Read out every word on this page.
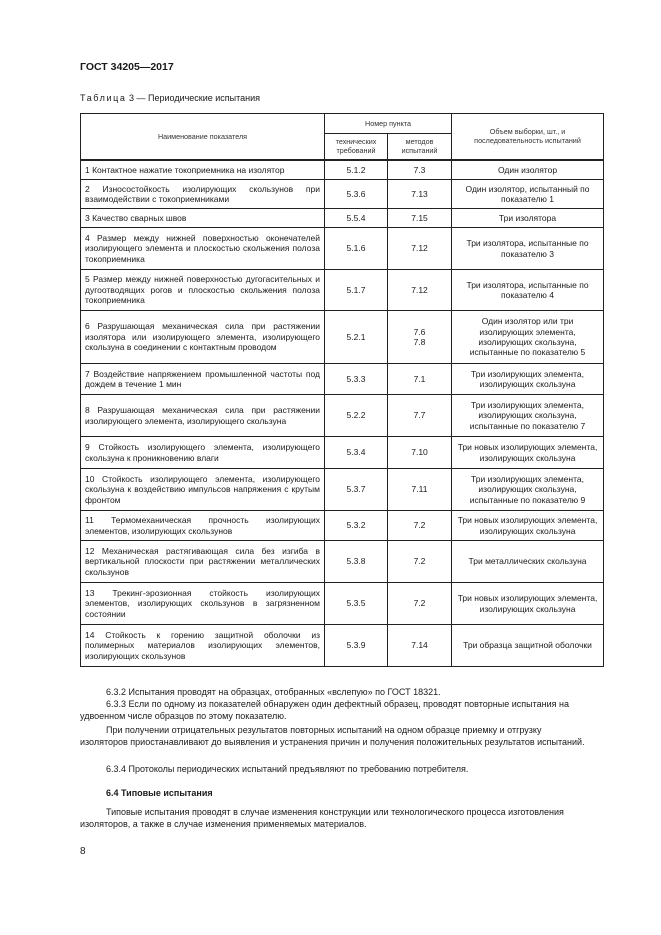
ГОСТ 34205—2017
Таблица 3 — Периодические испытания
Наименование показателя	Номер пункта		Объем выборки, шт., и последовательность испытаний
	технических требований	методов испытаний	
1 Контактное нажатие токоприемника на изолятор	5.1.2	7.3	Один изолятор
2 Износостойкость изолирующих скользунов при взаимодействии с токоприемниками	5.3.6	7.13	Один изолятор, испытанный по показателю 1
3 Качество сварных швов	5.5.4	7.15	Три изолятора
4 Размер между нижней поверхностью оконечателей изолирующего элемента и плоскостью скольжения полоза токоприемника	5.1.6	7.12	Три изолятора, испытанные по показателю 3
5 Размер между нижней поверхностью дугогасительных и дугоотводящих рогов и плоскостью скольжения полоза токоприемника	5.1.7	7.12	Три изолятора, испытанные по показателю 4
6 Разрушающая механическая сила при растяжении изолятора или изолирующего элемента, изолирующего скользуна в соединении с контактным проводом	5.2.1	7.6 7.8	Один изолятор или три изолирующих элемента, изолирующих скользуна, испытанные по показателю 5
7 Воздействие напряжением промышленной частоты под дождем в течение 1 мин	5.3.3	7.1	Три изолирующих элемента, изолирующих скользуна
8 Разрушающая механическая сила при растяжении изолирующего элемента, изолирующего скользуна	5.2.2	7.7	Три изолирующих элемента, изолирующих скользуна, испытанные по показателю 7
9 Стойкость изолирующего элемента, изолирующего скользуна к проникновению влаги	5.3.4	7.10	Три новых изолирующих элемента, изолирующих скользуна
10 Стойкость изолирующего элемента, изолирующего скользуна к воздействию импульсов напряжения с крутым фронтом	5.3.7	7.11	Три изолирующих элемента, изолирующих скользуна, испытанные по показателю 9
11 Термомеханическая прочность изолирующих элементов, изолирующих скользунов	5.3.2	7.2	Три новых изолирующих элемента, изолирующих скользуна
12 Механическая растягивающая сила без изгиба в вертикальной плоскости при растяжении металлических скользунов	5.3.8	7.2	Три металлических скользуна
13 Трекинг-эрозионная стойкость изолирующих элементов, изолирующих скользунов в загрязненном состоянии	5.3.5	7.2	Три новых изолирующих элемента, изолирующих скользуна
14 Стойкость к горению защитной оболочки из полимерных материалов изолирующих элементов, изолирующих скользунов	5.3.9	7.14	Три образца защитной оболочки
6.3.2 Испытания проводят на образцах, отобранных «вслепую» по ГОСТ 18321.
6.3.3 Если по одному из показателей обнаружен один дефектный образец, проводят повторные испытания на удвоенном числе образцов по этому показателю.
При получении отрицательных результатов повторных испытаний на одном образце приемку и отгрузку изоляторов приостанавливают до выявления и устранения причин и получения положительных результатов испытаний.
6.3.4 Протоколы периодических испытаний предъявляют по требованию потребителя.
6.4 Типовые испытания
Типовые испытания проводят в случае изменения конструкции или технологического процесса изготовления изоляторов, а также в случае изменения применяемых материалов.
8
